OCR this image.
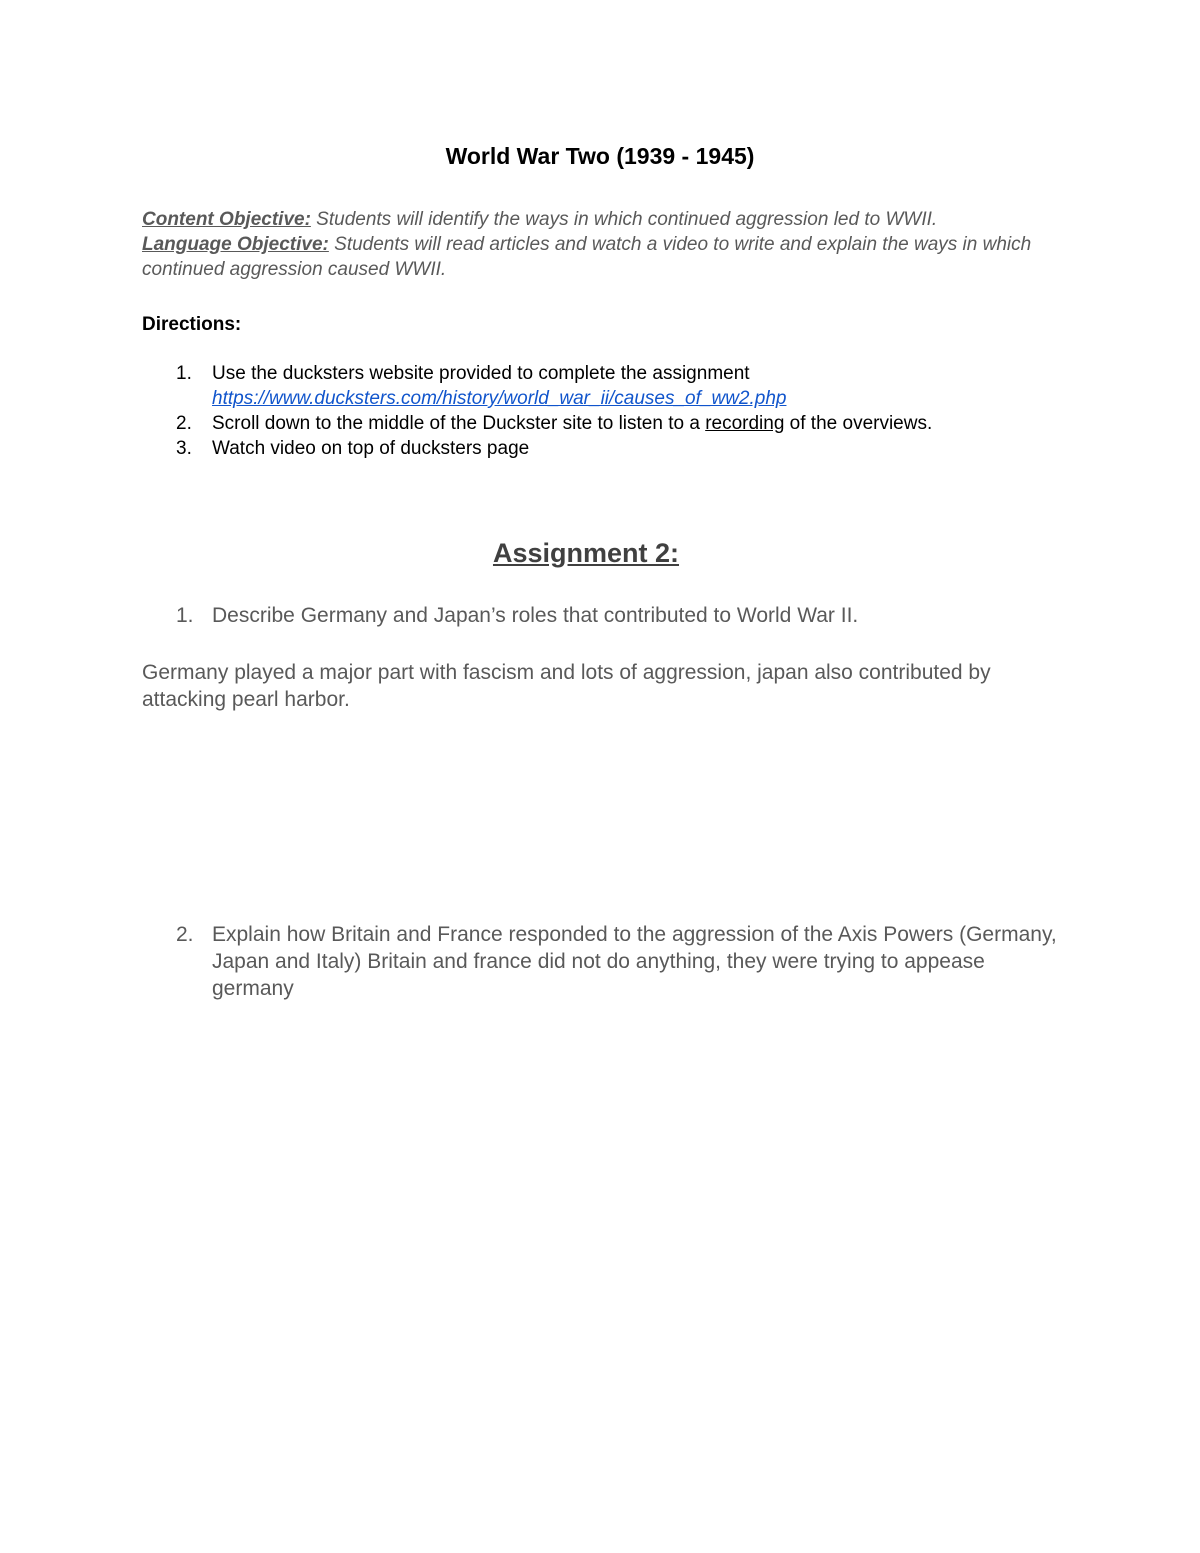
World War Two (1939 - 1945)
Content Objective: Students will identify the ways in which continued aggression led to WWII.
Language Objective: Students will read articles and watch a video to write and explain the ways in which continued aggression caused WWII.
Directions:
1. Use the ducksters website provided to complete the assignment
https://www.ducksters.com/history/world_war_ii/causes_of_ww2.php
2. Scroll down to the middle of the Duckster site to listen to a recording of the overviews.
3. Watch video on top of ducksters page
Assignment 2:
1. Describe Germany and Japan’s roles that contributed to World War II.
Germany played a major part with fascism and lots of aggression, japan also contributed by attacking pearl harbor.
2. Explain how Britain and France responded to the aggression of the Axis Powers (Germany, Japan and Italy) Britain and france did not do anything, they were trying to appease germany
